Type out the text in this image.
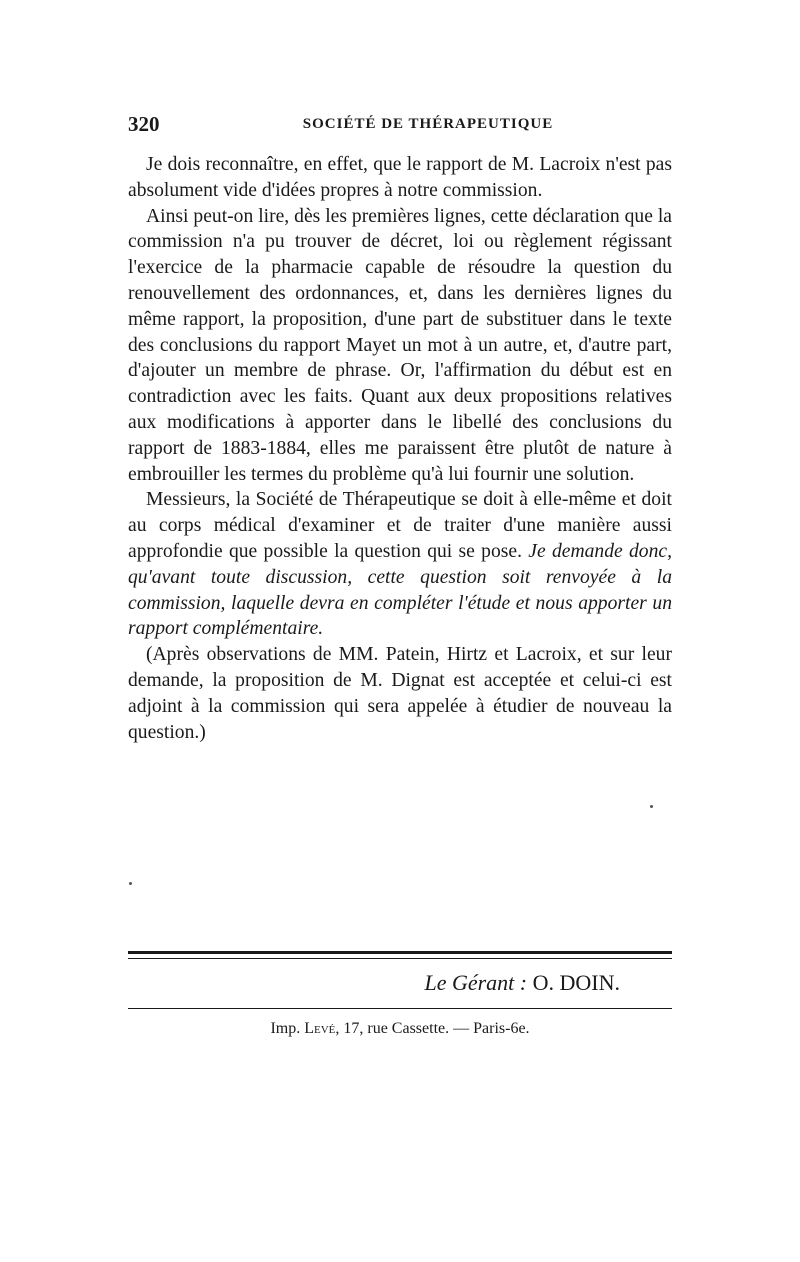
320	SOCIÉTÉ DE THÉRAPEUTIQUE

Je dois reconnaître, en effet, que le rapport de M. Lacroix n'est pas absolument vide d'idées propres à notre commission.

Ainsi peut-on lire, dès les premières lignes, cette déclaration que la commission n'a pu trouver de décret, loi ou règlement régissant l'exercice de la pharmacie capable de résoudre la question du renouvellement des ordonnances, et, dans les dernières lignes du même rapport, la proposition, d'une part de substituer dans le texte des conclusions du rapport Mayet un mot à un autre, et, d'autre part, d'ajouter un membre de phrase. Or, l'affirmation du début est en contradiction avec les faits. Quant aux deux propositions relatives aux modifications à apporter dans le libellé des conclusions du rapport de 1883-1884, elles me paraissent être plutôt de nature à embrouiller les termes du problème qu'à lui fournir une solution.

Messieurs, la Société de Thérapeutique se doit à elle-même et doit au corps médical d'examiner et de traiter d'une manière aussi approfondie que possible la question qui se pose. Je demande donc, qu'avant toute discussion, cette question soit renvoyée à la commission, laquelle devra en compléter l'étude et nous apporter un rapport complémentaire.

(Après observations de MM. Patein, Hirtz et Lacroix, et sur leur demande, la proposition de M. Dignat est acceptée et celui-ci est adjoint à la commission qui sera appelée à étudier de nouveau la question.)

Le Gérant : O. DOIN.
Imp. Levé, 17, rue Cassette. — Paris-6e.
